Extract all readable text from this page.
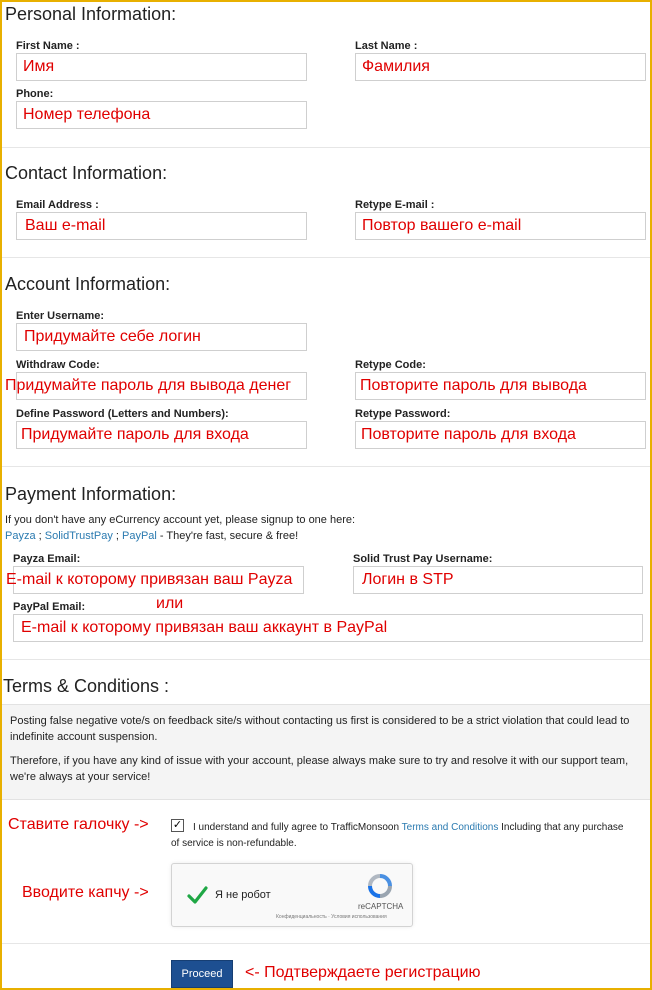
Personal Information:
First Name :
Имя
Last Name :
Фамилия
Phone:
Номер телефона
Contact Information:
Email Address :
Ваш e-mail
Retype E-mail :
Повтор вашего e-mail
Account Information:
Enter Username:
Придумайте себе логин
Withdraw Code:
Придумайте пароль для вывода денег
Retype Code:
Повторите пароль для вывода
Define Password (Letters and Numbers):
Придумайте пароль для входа
Retype Password:
Повторите пароль для входа
Payment Information:
If you don't have any eCurrency account yet, please signup to one here:
Payza ; SolidTrustPay ; PayPal - They're fast, secure & free!
Payza Email:
E-mail к которому привязан ваш Payza
Solid Trust Pay Username:
Логин в STP
или
PayPal Email:
E-mail к которому привязан ваш аккаунт в PayPal
Terms & Conditions :
Posting false negative vote/s on feedback site/s without contacting us first is considered to be a strict violation that could lead to indefinite account suspension.
Therefore, if you have any kind of issue with your account, please always make sure to try and resolve it with our support team, we're always at your service!
Ставите галочку -> ✓ I understand and fully agree to TrafficMonsoon Terms and Conditions Including that any purchase
of service is non-refundable.
Вводите капчу ->	Я не робот
reCAPTCHA
Конфиденциальность · Условия использования
Proceed	<- Подтверждаете регистрацию
